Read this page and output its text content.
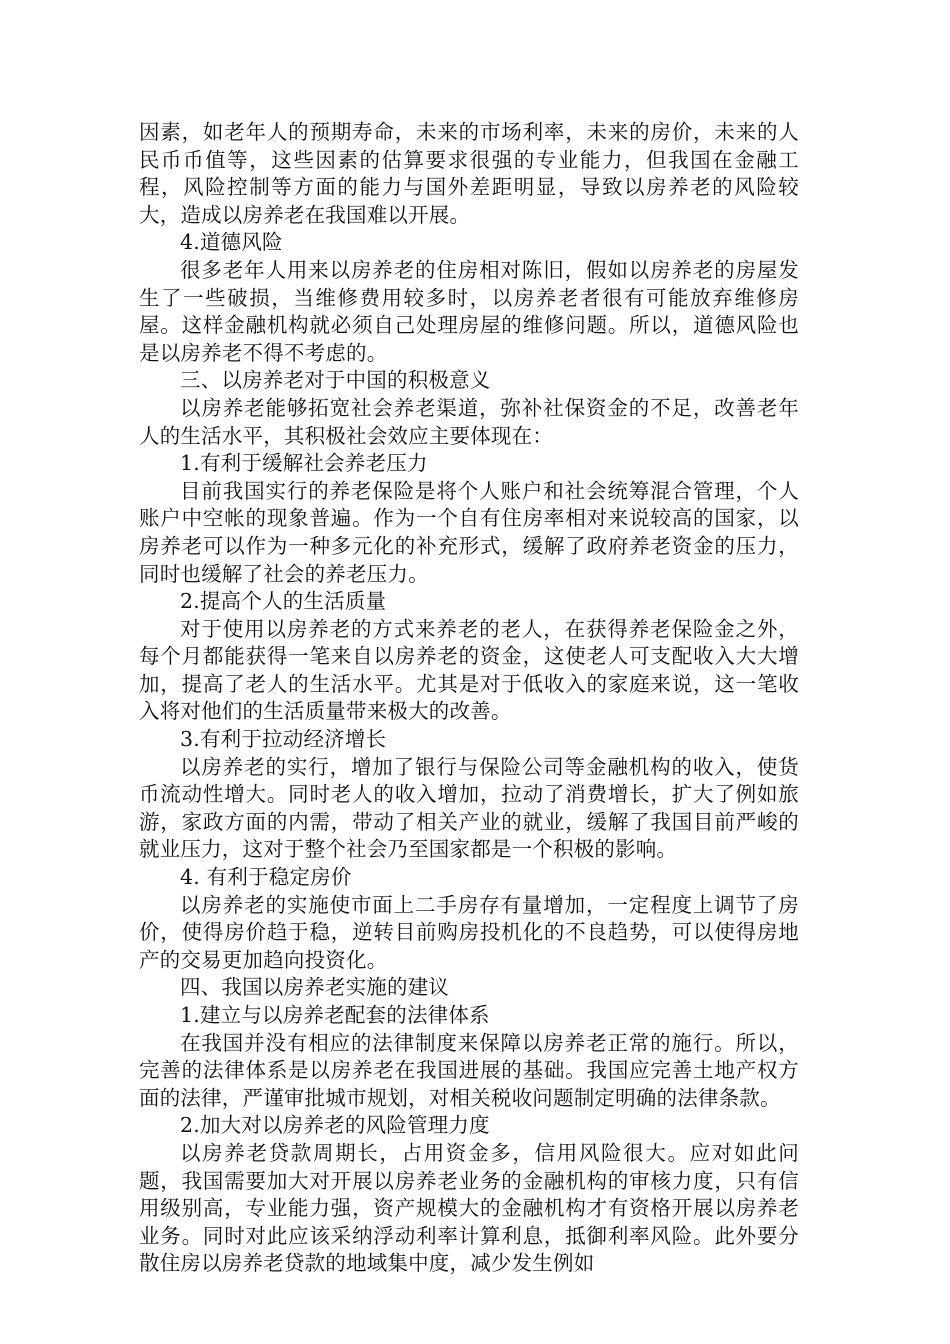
因素，如老年人的预期寿命，未来的市场利率，未来的房价，未来的人民币币值等，这些因素的估算要求很强的专业能力，但我国在金融工程，风险控制等方面的能力与国外差距明显，导致以房养老的风险较大，造成以房养老在我国难以开展。

4.道德风险

很多老年人用来以房养老的住房相对陈旧，假如以房养老的房屋发生了一些破损，当维修费用较多时，以房养老者很有可能放弃维修房屋。这样金融机构就必须自己处理房屋的维修问题。所以，道德风险也是以房养老不得不考虑的。

三、以房养老对于中国的积极意义

以房养老能够拓宽社会养老渠道，弥补社保资金的不足，改善老年人的生活水平，其积极社会效应主要体现在：

1.有利于缓解社会养老压力

目前我国实行的养老保险是将个人账户和社会统筹混合管理，个人账户中空帐的现象普遍。作为一个自有住房率相对来说较高的国家，以房养老可以作为一种多元化的补充形式，缓解了政府养老资金的压力，同时也缓解了社会的养老压力。

2.提高个人的生活质量

对于使用以房养老的方式来养老的老人，在获得养老保险金之外，每个月都能获得一笔来自以房养老的资金，这使老人可支配收入大大增加，提高了老人的生活水平。尤其是对于低收入的家庭来说，这一笔收入将对他们的生活质量带来极大的改善。

3.有利于拉动经济增长

以房养老的实行，增加了银行与保险公司等金融机构的收入，使货币流动性增大。同时老人的收入增加，拉动了消费增长，扩大了例如旅游，家政方面的内需，带动了相关产业的就业，缓解了我国目前严峻的就业压力，这对于整个社会乃至国家都是一个积极的影响。

4. 有利于稳定房价

以房养老的实施使市面上二手房存有量增加，一定程度上调节了房价，使得房价趋于稳，逆转目前购房投机化的不良趋势，可以使得房地产的交易更加趋向投资化。

四、我国以房养老实施的建议

1.建立与以房养老配套的法律体系

在我国并没有相应的法律制度来保障以房养老正常的施行。所以，完善的法律体系是以房养老在我国进展的基础。我国应完善土地产权方面的法律，严谨审批城市规划，对相关税收问题制定明确的法律条款。

2.加大对以房养老的风险管理力度

以房养老贷款周期长，占用资金多，信用风险很大。应对如此问题，我国需要加大对开展以房养老业务的金融机构的审核力度，只有信用级别高，专业能力强，资产规模大的金融机构才有资格开展以房养老业务。同时对此应该采纳浮动利率计算利息，抵御利率风险。此外要分散住房以房养老贷款的地域集中度，减少发生例如
